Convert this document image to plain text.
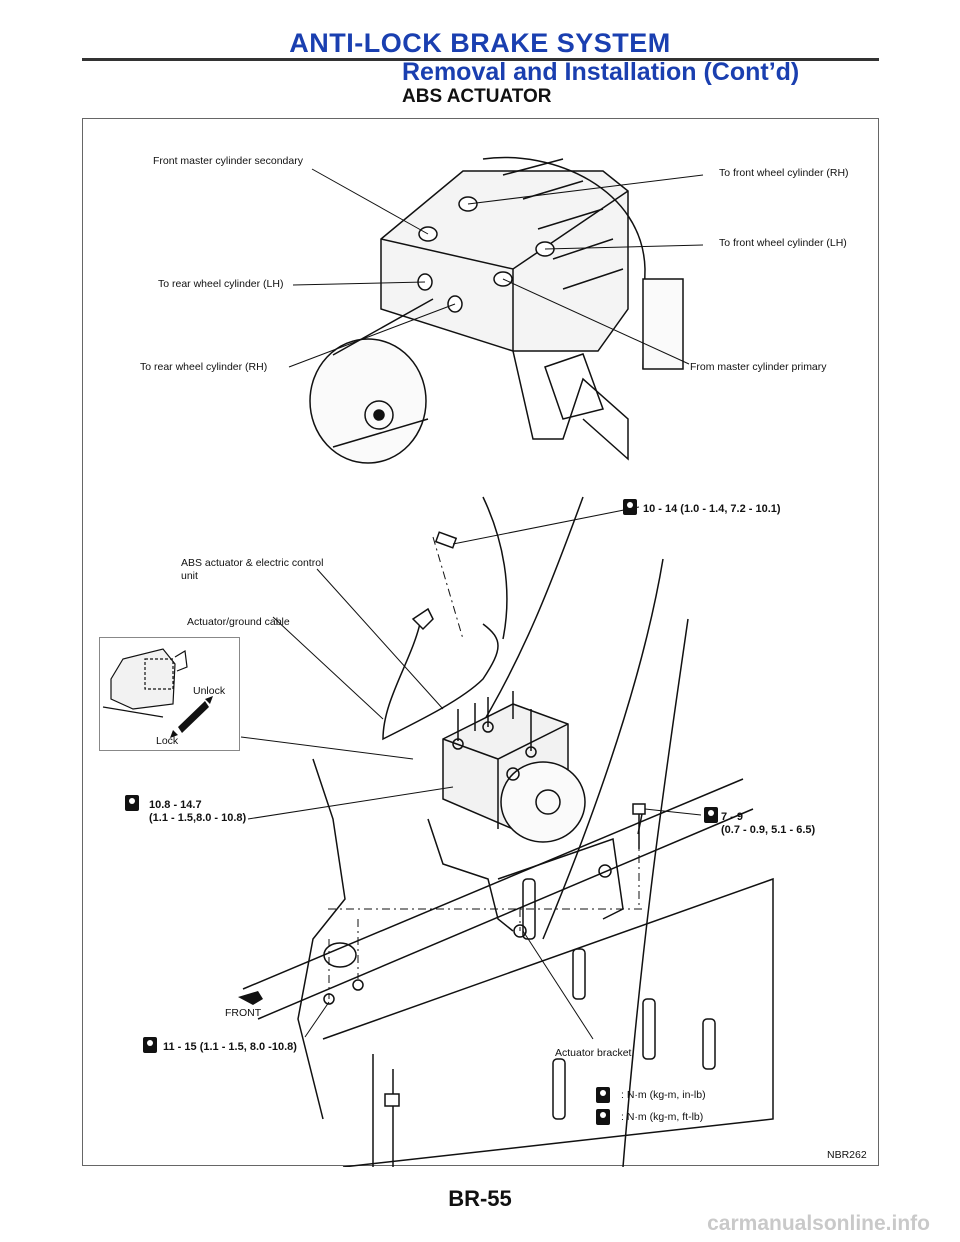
ANTI-LOCK BRAKE SYSTEM
Removal and Installation (Cont’d)
ABS ACTUATOR
Front master cylinder secondary
To front wheel cylinder (RH)
To front wheel cylinder (LH)
To rear wheel cylinder (LH)
To rear wheel cylinder (RH)	From master cylinder primary
10 - 14 (1.0 - 1.4, 7.2 - 10.1)
ABS actuator & electric control
unit
Actuator/ground cable
Unlock
Lock
10.8 - 14.7
(1.1 - 1.5,8.0 - 10.8)	7 - 9
(0.7 - 0.9, 5.1 - 6.5)
FRONT
11 - 15 (1.1 - 1.5, 8.0 -10.8)	Actuator bracket
: N·m (kg-m, in-lb)
: N·m (kg-m, ft-lb)
NBR262
BR-55
carmanualsonline.info
